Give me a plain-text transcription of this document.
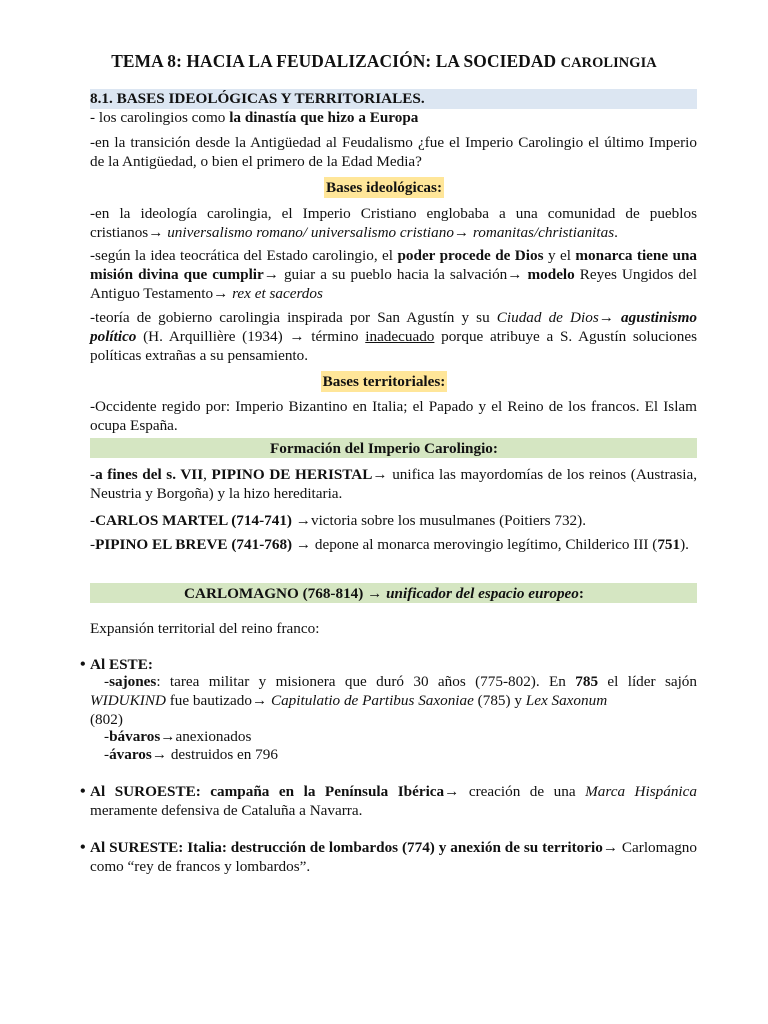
TEMA 8: HACIA LA FEUDALIZACIÓN: LA SOCIEDAD CAROLINGIA
8.1. BASES IDEOLÓGICAS Y TERRITORIALES.
- los carolingios como la dinastía que hizo a Europa
-en la transición desde la Antigüedad al Feudalismo ¿fue el Imperio Carolingio el último Imperio de la Antigüedad, o bien el primero de la Edad Media?
Bases ideológicas:
-en la ideología carolingia, el Imperio Cristiano englobaba a una comunidad de pueblos cristianos→ universalismo romano/ universalismo cristiano→ romanitas/christianitas.
-según la idea teocrática del Estado carolingio, el poder procede de Dios y el monarca tiene una misión divina que cumplir→ guiar a su pueblo hacia la salvación→ modelo Reyes Ungidos del Antiguo Testamento→ rex et sacerdos
-teoría de gobierno carolingia inspirada por San Agustín y su Ciudad de Dios→ agustinismo político (H. Arquillière (1934) → término inadecuado porque atribuye a S. Agustín soluciones políticas extrañas a su pensamiento.
Bases territoriales:
-Occidente regido por: Imperio Bizantino en Italia; el Papado y el Reino de los francos. El Islam ocupa España.
Formación del Imperio Carolingio:
-a fines del s. VII, PIPINO DE HERISTAL→ unifica las mayordomías de los reinos (Austrasia, Neustria y Borgoña) y la hizo hereditaria.
-CARLOS MARTEL (714-741) →victoria sobre los musulmanes (Poitiers 732).
-PIPINO EL BREVE (741-768) → depone al monarca merovingio legítimo, Childerico III (751).
CARLOMAGNO (768-814) → unificador del espacio europeo:
Expansión territorial del reino franco:
• Al ESTE:
-sajones: tarea militar y misionera que duró 30 años (775-802). En 785 el líder sajón WIDUKIND fue bautizado→ Capitulatio de Partibus Saxoniae (785) y Lex Saxonum
(802)
-bávaros→anexionados
-ávaros→ destruidos en 796
• Al SUROESTE: campaña en la Península Ibérica→ creación de una Marca Hispánica meramente defensiva de Cataluña a Navarra.
• Al SURESTE: Italia: destrucción de lombardos (774) y anexión de su territorio→ Carlomagno como “rey de francos y lombardos”.
